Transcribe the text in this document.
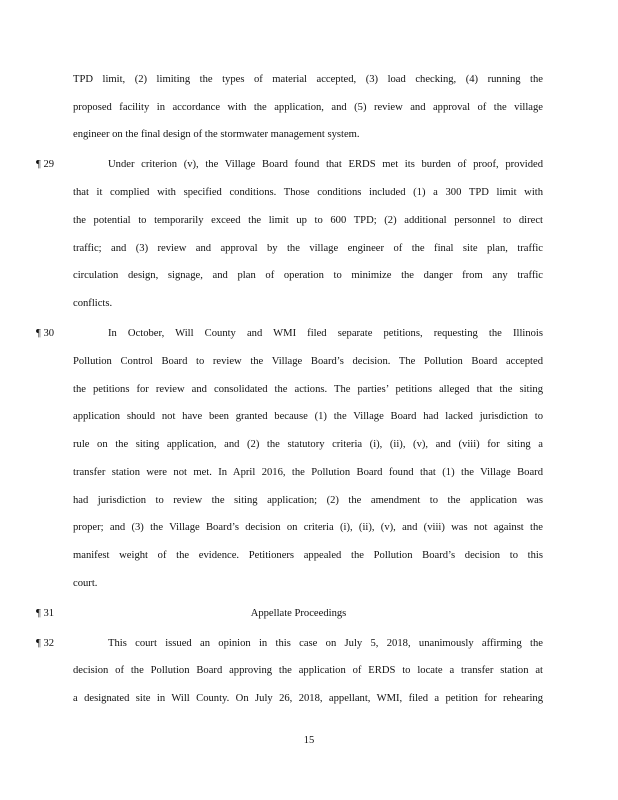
TPD limit, (2) limiting the types of material accepted, (3) load checking, (4) running the
proposed facility in accordance with the application, and (5) review and approval of the village
engineer on the final design of the stormwater management system.
¶ 29	Under criterion (v), the Village Board found that ERDS met its burden of proof, provided
that it complied with specified conditions. Those conditions included (1) a 300 TPD limit with
the potential to temporarily exceed the limit up to 600 TPD; (2) additional personnel to direct
traffic; and (3) review and approval by the village engineer of the final site plan, traffic
circulation design, signage, and plan of operation to minimize the danger from any traffic
conflicts.
¶ 30	In October, Will County and WMI filed separate petitions, requesting the Illinois
Pollution Control Board to review the Village Board’s decision. The Pollution Board accepted
the petitions for review and consolidated the actions. The parties’ petitions alleged that the siting
application should not have been granted because (1) the Village Board had lacked jurisdiction to
rule on the siting application, and (2) the statutory criteria (i), (ii), (v), and (viii) for siting a
transfer station were not met. In April 2016, the Pollution Board found that (1) the Village Board
had jurisdiction to review the siting application; (2) the amendment to the application was
proper; and (3) the Village Board’s decision on criteria (i), (ii), (v), and (viii) was not against the
manifest weight of the evidence. Petitioners appealed the Pollution Board’s decision to this
court.
¶ 31	Appellate Proceedings
¶ 32	This court issued an opinion in this case on July 5, 2018, unanimously affirming the
decision of the Pollution Board approving the application of ERDS to locate a transfer station at
a designated site in Will County. On July 26, 2018, appellant, WMI, filed a petition for rehearing
15
